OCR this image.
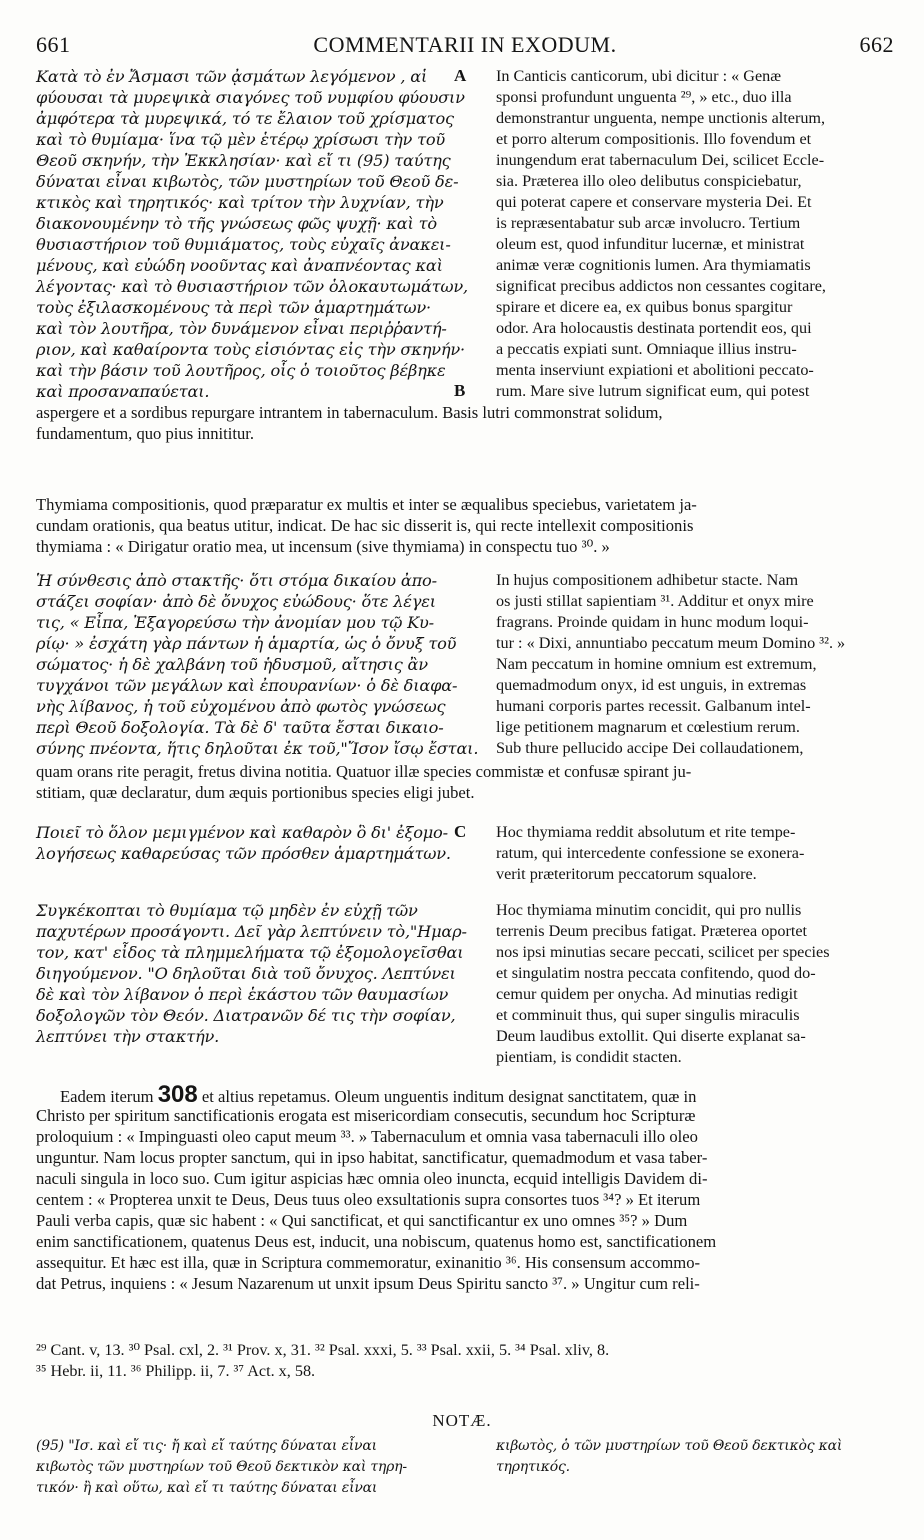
661	COMMENTARII IN EXODUM.	662
Κατὰ τὸ ἐν Ἄσμασι τῶν ᾀσμάτων λεγόμενον , αἱ
φύουσαι τὰ μυρεψικὰ σιαγόνες τοῦ νυμφίου φύουσιν
ἀμφότερα τὰ μυρεψικά, τό τε ἔλαιον τοῦ χρίσματος
καὶ τὸ θυμίαμα· ἵνα τῷ μὲν ἑτέρῳ χρίσωσι τὴν τοῦ
Θεοῦ σκηνήν, τὴν Ἐκκλησίαν· καὶ εἴ τι (95) ταύτης
δύναται εἶναι κιβωτὸς, τῶν μυστηρίων τοῦ Θεοῦ δε-
κτικὸς καὶ τηρητικός· καὶ τρίτον τὴν λυχνίαν, τὴν
διακονουμένην τὸ τῆς γνώσεως φῶς ψυχῇ· καὶ τὸ
θυσιαστήριον τοῦ θυμιάματος, τοὺς εὐχαῖς ἀνακει-
μένους, καὶ εὐώδη νοοῦντας καὶ ἀναπνέοντας καὶ
λέγοντας· καὶ τὸ θυσιαστήριον τῶν ὁλοκαυτωμάτων,
τοὺς ἐξιλασκομένους τὰ περὶ τῶν ἁμαρτημάτων·
καὶ τὸν λουτῆρα, τὸν δυνάμενον εἶναι περιῤῥαντή-
ριον, καὶ καθαίροντα τοὺς εἰσιόντας εἰς τὴν σκηνήν·
καὶ τὴν βάσιν τοῦ λουτῆρος, οἷς ὁ τοιοῦτος βέβηκε
καὶ προσαναπαύεται.
In Canticis canticorum, ubi dicitur : « Genæ
sponsi profundunt unguenta ²⁹, » etc., duo illa
demonstrantur unguenta, nempe unctionis alterum,
et porro alterum compositionis. Illo fovendum et
inungendum erat tabernaculum Dei, scilicet Eccle-
sia. Præterea illo oleo delibutus conspiciebatur,
qui poterat capere et conservare mysteria Dei. Et
is repræsentabatur sub arcæ involucro. Tertium
oleum est, quod infunditur lucernæ, et ministrat
animæ veræ cognitionis lumen. Ara thymiamatis
significat precibus addictos non cessantes cogitare,
spirare et dicere ea, ex quibus bonus spargitur
odor. Ara holocaustis destinata portendit eos, qui
a peccatis expiati sunt. Omniaque illius instru-
menta inserviunt expiationi et abolitioni peccato-
rum. Mare sive lutrum significat eum, qui potest
A
B
aspergere et a sordibus repurgare intrantem in tabernaculum. Basis lutri commonstrat solidum,
fundamentum, quo pius innititur.
Thymiama compositionis, quod præparatur ex multis et inter se æqualibus speciebus, varietatem ja-
cundam orationis, qua beatus utitur, indicat. De hac sic disserit is, qui recte intellexit compositionis
thymiama : « Dirigatur oratio mea, ut incensum (sive thymiama) in conspectu tuo ³⁰. »
Ἡ σύνθεσις ἀπὸ στακτῆς· ὅτι στόμα δικαίου ἀπο-
στάζει σοφίαν· ἀπὸ δὲ ὄνυχος εὐώδους· ὅτε λέγει
τις, « Εἶπα, Ἐξαγορεύσω τὴν ἀνομίαν μου τῷ Κυ-
ρίῳ· » ἐσχάτη γὰρ πάντων ἡ ἁμαρτία, ὡς ὁ ὄνυξ τοῦ
σώματος· ἡ δὲ χαλβάνη τοῦ ἡδυσμοῦ, αἴτησις ἂν
τυγχάνοι τῶν μεγάλων καὶ ἐπουρανίων· ὁ δὲ διαφα-
νὴς λίβανος, ἡ τοῦ εὐχομένου ἀπὸ φωτὸς γνώσεως
περὶ Θεοῦ δοξολογία. Τὰ δὲ δ' ταῦτα ἔσται δικαιο-
σύνης πνέοντα, ἥτις δηλοῦται ἐκ τοῦ,"Ἴσον ἴσῳ ἔσται.
In hujus compositionem adhibetur stacte. Nam
os justi stillat sapientiam ³¹. Additur et onyx mire
fragrans. Proinde quidam in hunc modum loqui-
tur : « Dixi, annuntiabo peccatum meum Domino ³². »
Nam peccatum in homine omnium est extremum,
quemadmodum onyx, id est unguis, in extremas
humani corporis partes recessit. Galbanum intel-
lige petitionem magnarum et cœlestium rerum.
Sub thure pellucido accipe Dei collaudationem,
quam orans rite peragit, fretus divina notitia. Quatuor illæ species commistæ et confusæ spirant ju-
stitiam, quæ declaratur, dum æquis portionibus species eligi jubet.
Ποιεῖ τὸ ὅλον μεμιγμένον καὶ καθαρὸν ὃ δι' ἐξομο-
λογήσεως καθαρεύσας τῶν πρόσθεν ἁμαρτημάτων.
Hoc thymiama reddit absolutum et rite tempe-
ratum, qui intercedente confessione se exonera-
verit præteritorum peccatorum squalore.
C
Συγκέκοπται τὸ θυμίαμα τῷ μηδὲν ἐν εὐχῇ τῶν
παχυτέρων προσάγοντι. Δεῖ γὰρ λεπτύνειν τὸ,"Ημαρ-
τον, κατ' εἶδος τὰ πλημμελήματα τῷ ἐξομολογεῖσθαι
διηγούμενον. "Ο δηλοῦται διὰ τοῦ ὄνυχος. Λεπτύνει
δὲ καὶ τὸν λίβανον ὁ περὶ ἑκάστου τῶν θαυμασίων
δοξολογῶν τὸν Θεόν. Διατρανῶν δέ τις τὴν σοφίαν,
λεπτύνει τὴν στακτήν.
Hoc thymiama minutim concidit, qui pro nullis
terrenis Deum precibus fatigat. Præterea oportet
nos ipsi minutias secare peccati, scilicet per species
et singulatim nostra peccata confitendo, quod do-
cemur quidem per onycha. Ad minutias redigit
et comminuit thus, qui super singulis miraculis
Deum laudibus extollit. Qui diserte explanat sa-
pientiam, is condidit stacten.
Eadem iterum 308 et altius repetamus. Oleum unguentis inditum designat sanctitatem, quæ in
Christo per spiritum sanctificationis erogata est misericordiam consecutis, secundum hoc Scripturæ
proloquium : « Impinguasti oleo caput meum ³³. » Tabernaculum et omnia vasa tabernaculi illo oleo
unguntur. Nam locus propter sanctum, qui in ipso habitat, sanctificatur, quemadmodum et vasa taber-
naculi singula in loco suo. Cum igitur aspicias hæc omnia oleo inuncta, ecquid intelligis Davidem di-
centem : « Propterea unxit te Deus, Deus tuus oleo exsultationis supra consortes tuos ³⁴? » Et iterum
Pauli verba capis, quæ sic habent : « Qui sanctificat, et qui sanctificantur ex uno omnes ³⁵? » Dum
enim sanctificationem, quatenus Deus est, inducit, una nobiscum, quatenus homo est, sanctificationem
assequitur. Et hæc est illa, quæ in Scriptura commemoratur, exinanitio ³⁶. His consensum accommo-
dat Petrus, inquiens : « Jesum Nazarenum ut unxit ipsum Deus Spiritu sancto ³⁷. » Ungitur cum reli-
²⁹ Cant. v, 13. ³⁰ Psal. cxl, 2. ³¹ Prov. x, 31. ³² Psal. xxxi, 5. ³³ Psal. xxii, 5. ³⁴ Psal. xliv, 8.
³⁵ Hebr. ii, 11. ³⁶ Philipp. ii, 7. ³⁷ Act. x, 58.
NOTÆ.
(95) "Ισ. καὶ εἴ τις· ἤ καὶ εἴ ταύτης δύναται εἶναι
κιβωτὸς τῶν μυστηρίων τοῦ Θεοῦ δεκτικὸν καὶ τηρη-
τικόν· ἢ καὶ οὕτω, καὶ εἴ τι ταύτης δύναται εἶναι
κιβωτὸς, ὁ τῶν μυστηρίων τοῦ Θεοῦ δεκτικὸς καὶ
τηρητικός.
